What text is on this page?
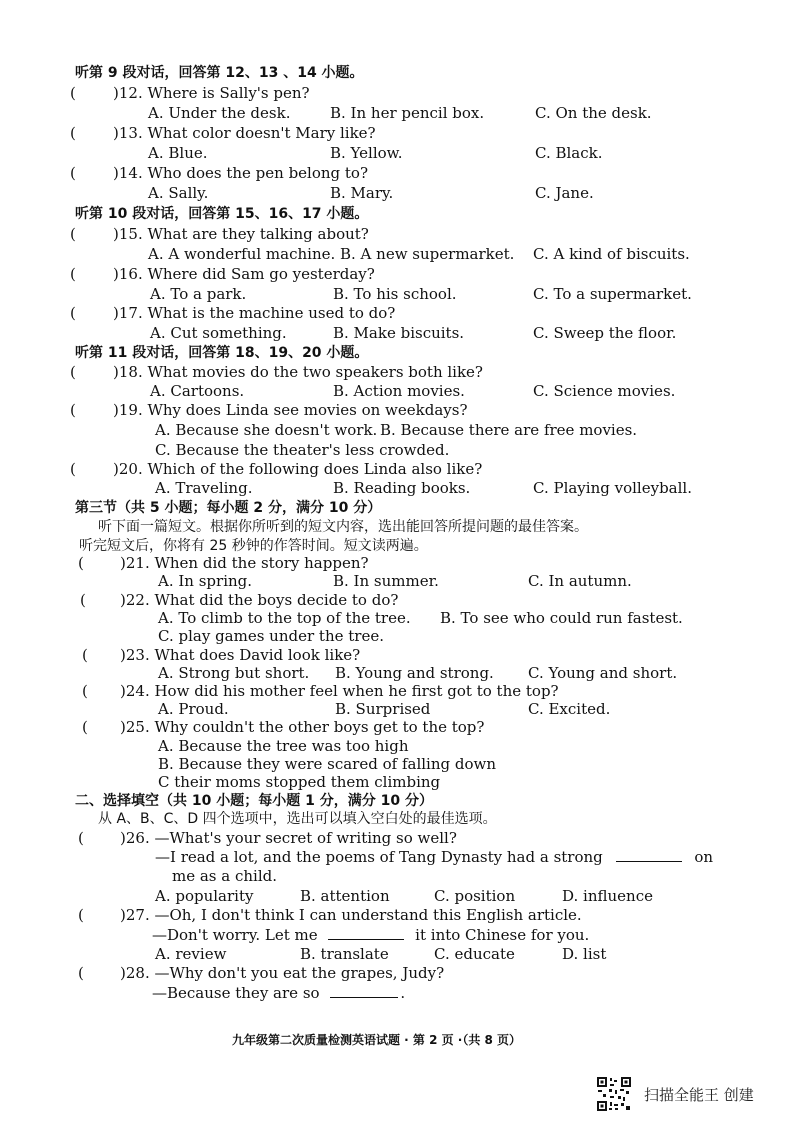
听第 9 段对话，回答第 12、13 、14 小题。
( )12. Where is Sally's pen?
A. Under the desk.	B. In her pencil box.	C. On the desk.
( )13. What color doesn't Mary like?
A. Blue.	B. Yellow.	C. Black.
( )14. Who does the pen belong to?
A. Sally.	B. Mary.	C. Jane.
听第 10 段对话，回答第 15、16、17 小题。
( )15. What are they talking about?
A. A wonderful machine. B. A new supermarket. C. A kind of biscuits.
( )16. Where did Sam go yesterday?
A. To a park.	B. To his school.	C. To a supermarket.
( )17. What is the machine used to do?
A. Cut something.	B. Make biscuits.	C. Sweep the floor.
听第 11 段对话，回答第 18、19、20 小题。
( )18. What movies do the two speakers both like?
A. Cartoons.	B. Action movies.	C. Science movies.
( )19. Why does Linda see movies on weekdays?
A. Because she doesn't work. B. Because there are free movies.
C. Because the theater's less crowded.
( )20. Which of the following does Linda also like?
A. Traveling.	B. Reading books.	C. Playing volleyball.
第三节（共 5 小题；每小题 2 分，满分 10 分）
听下面一篇短文。根据你所听到的短文内容，选出能回答所提问题的最佳答案。
听完短文后，你将有 25 秒钟的作答时间。短文读两遍。
( )21. When did the story happen?
A. In spring.	B. In summer.	C. In autumn.
( )22. What did the boys decide to do?
A. To climb to the top of the tree. B. To see who could run fastest.
C. play games under the tree.
( )23. What does David look like?
A. Strong but short. B. Young and strong. C. Young and short.
( )24. How did his mother feel when he first got to the top?
A. Proud.	B. Surprised	C. Excited.
( )25. Why couldn't the other boys get to the top?
A. Because the tree was too high
B. Because they were scared of falling down
C their moms stopped them climbing
二、选择填空（共 10 小题；每小题 1 分，满分 10 分）
从 A、B、C、D 四个选项中，选出可以填入空白处的最佳选项。
( )26. —What's your secret of writing so well?
—I read a lot, and the poems of Tang Dynasty had a strong	on
me as a child.
A. popularity	B. attention	C. position	D. influence
( )27. —Oh, I don't think I can understand this English article.
—Don't worry. Let me	it into Chinese for you.
A. review	B. translate	C. educate	D. list
( )28. —Why don't you eat the grapes, Judy?
—Because they are so	.
九年级第二次质量检测英语试题 · 第 2 页 ·（共 8 页）
扫描全能王 创建
